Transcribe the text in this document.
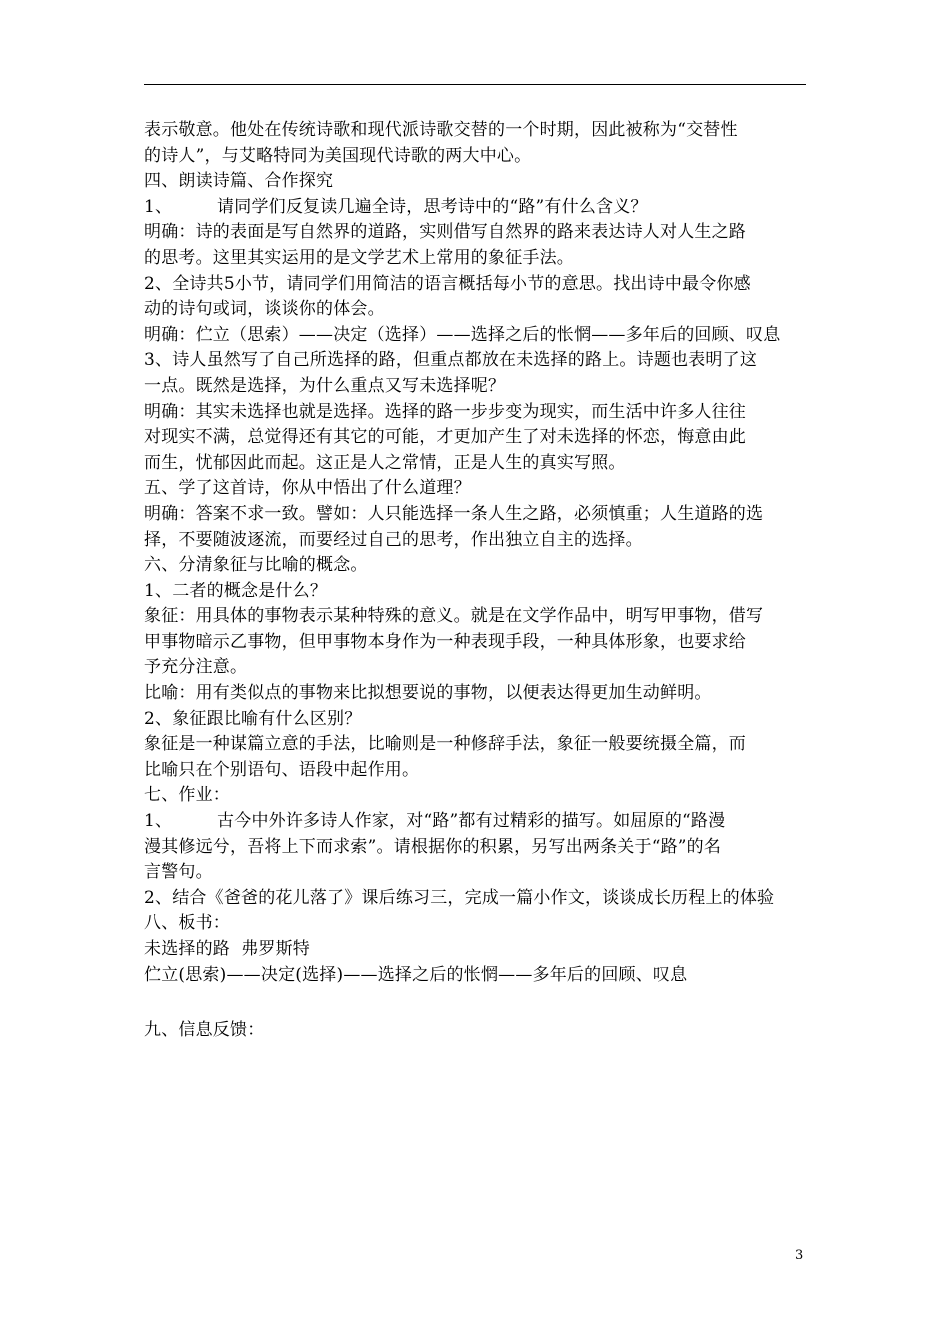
表示敬意。他处在传统诗歌和现代派诗歌交替的一个时期，因此被称为“交替性
的诗人”，与艾略特同为美国现代诗歌的两大中心。
四、朗读诗篇、合作探究
1、        请同学们反复读几遍全诗，思考诗中的“路”有什么含义？
明确：诗的表面是写自然界的道路，实则借写自然界的路来表达诗人对人生之路
的思考。这里其实运用的是文学艺术上常用的象征手法。
2、全诗共5小节，请同学们用简洁的语言概括每小节的意思。找出诗中最令你感
动的诗句或词，谈谈你的体会。
明确：伫立（思索）——决定（选择）——选择之后的怅惘——多年后的回顾、叹息
3、诗人虽然写了自己所选择的路，但重点都放在未选择的路上。诗题也表明了这
一点。既然是选择，为什么重点又写未选择呢？
明确：其实未选择也就是选择。选择的路一步步变为现实，而生活中许多人往往
对现实不满，总觉得还有其它的可能，才更加产生了对未选择的怀恋，悔意由此
而生，忧郁因此而起。这正是人之常情，正是人生的真实写照。
五、学了这首诗，你从中悟出了什么道理？
明确：答案不求一致。譬如：人只能选择一条人生之路，必须慎重；人生道路的选
择，不要随波逐流，而要经过自己的思考，作出独立自主的选择。
六、分清象征与比喻的概念。
1、二者的概念是什么？
象征：用具体的事物表示某种特殊的意义。就是在文学作品中，明写甲事物，借写
甲事物暗示乙事物，但甲事物本身作为一种表现手段，一种具体形象，也要求给
予充分注意。
比喻：用有类似点的事物来比拟想要说的事物，以便表达得更加生动鲜明。
2、象征跟比喻有什么区别？
象征是一种谋篇立意的手法，比喻则是一种修辞手法，象征一般要统摄全篇，而
比喻只在个别语句、语段中起作用。
七、作业：
1、        古今中外许多诗人作家，对“路”都有过精彩的描写。如屈原的“路漫
漫其修远兮，吾将上下而求索”。请根据你的积累，另写出两条关于“路”的名
言警句。
2、结合《爸爸的花儿落了》课后练习三，完成一篇小作文，谈谈成长历程上的体验
八、板书：
未选择的路  弗罗斯特
伫立(思索)——决定(选择)——选择之后的怅惘——多年后的回顾、叹息
九、信息反馈：
3
